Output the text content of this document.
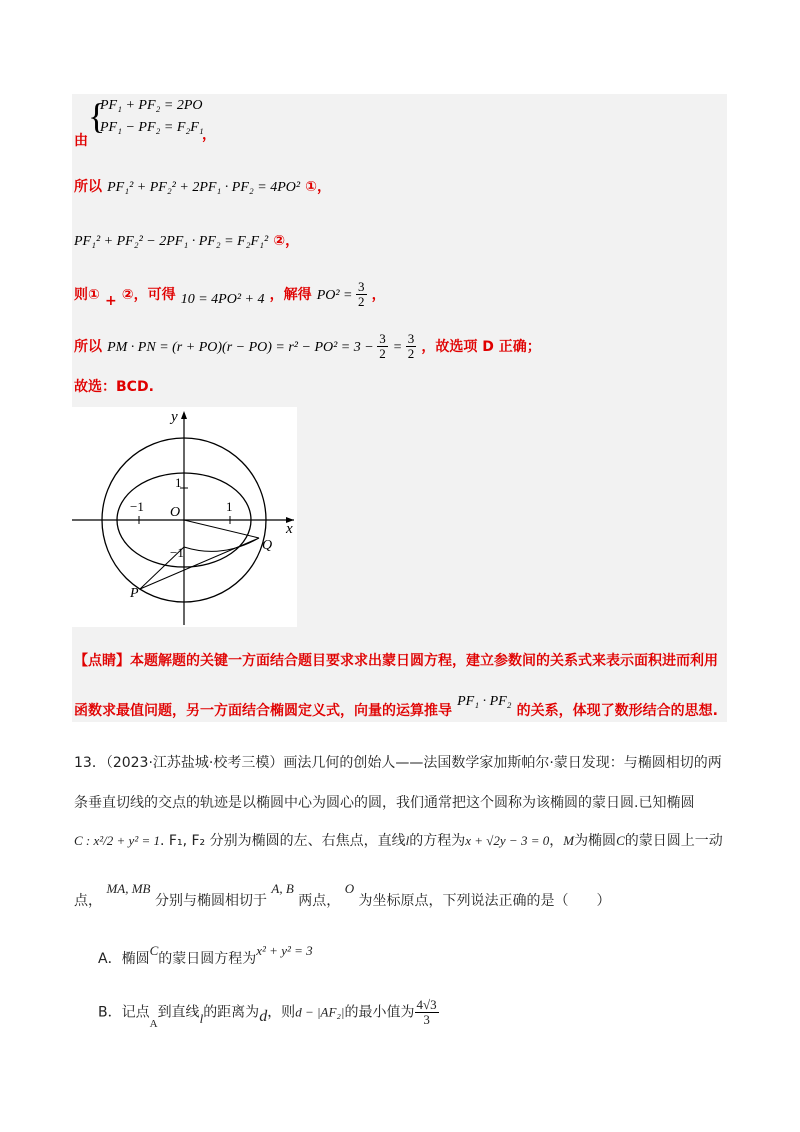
由
{
PF₁ + PF₂ = 2PO
PF₁ − PF₂ = F₂F₁
，
所以 PF₁² + PF₂² + 2PF₁ · PF₂ = 4PO² ①，
PF₁² + PF₂² − 2PF₁ · PF₂ = F₂F₁² ②，
则① + ②，可得 10 = 4PO² + 4 ，解得 $PO^2 = \frac{3}{2}$ ，
所以 PM · PN = $(r + PO)(r - PO) = r^2 - PO^2 = 3 - \frac{3}{2} = \frac{3}{2}$ ，故选项 D 正确；
故选：BCD.
y
x
O
1
−1	1
−1	Q
P
【点睛】本题解题的关键一方面结合题目要求求出蒙日圆方程，建立参数间的关系式来表示面积进而利用
函数求最值问题，另一方面结合椭圆定义式，向量的运算推导 PF₁ · PF₂ 的关系，体现了数形结合的思想.
13．（2023·江苏盐城·校考三模）画法几何的创始人——法国数学家加斯帕尔·蒙日发现：与椭圆相切的两
条垂直切线的交点的轨迹是以椭圆中心为圆心的圆，我们通常把这个圆称为该椭圆的蒙日圆.已知椭圆
C : x²/2 + y² = 1. F₁, F₂ 分别为椭圆的左、右焦点，直线l的方程为x + √2y − 3 = 0，M为椭圆C的蒙日圆上一动
点， MA, MB 分别与椭圆相切于 A, B 两点， O 为坐标原点，下列说法正确的是（　　）
A．椭圆C的蒙日圆方程为x² + y² = 3
B．记点$_A$到直线l的距离为d，则d − |AF₂|的最小值为 $\frac{4√3}{3}$
